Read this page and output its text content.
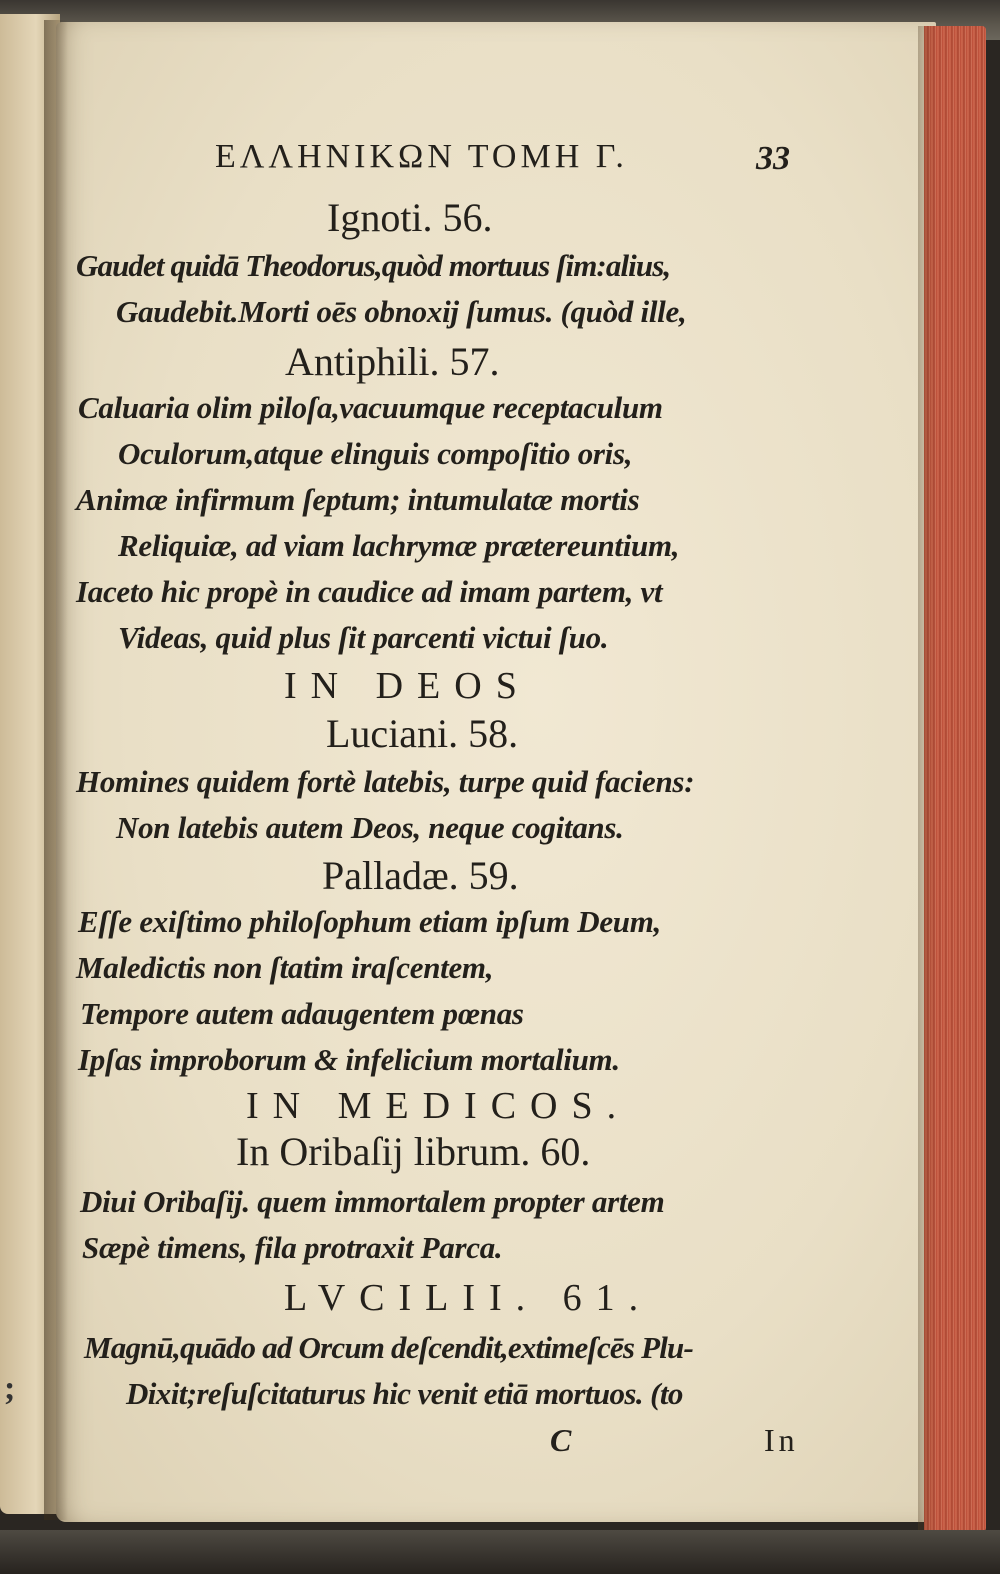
ΕΛΛΗΝΙΚΩΝ ΤΟΜΗ Γ.	33
Ignoti. 56.
Gaudet quidā Theodorus,quòd mortuus ſim:alius,
Gaudebit.Morti oēs obnoxij ſumus. (quòd ille,
Antiphili. 57.
Caluaria olim piloſa,vacuumque receptaculum
Oculorum,atque elinguis compoſitio oris,
Animæ infirmum ſeptum; intumulatæ mortis
Reliquiæ, ad viam lachrymæ prætereuntium,
Iaceto hic propè in caudice ad imam partem, vt
Videas, quid plus ſit parcenti victui ſuo.
IN DEOS
Luciani. 58.
Homines quidem fortè latebis, turpe quid faciens:
Non latebis autem Deos, neque cogitans.
Palladæ. 59.
Eſſe exiſtimo philoſophum etiam ipſum Deum,
Maledictis non ſtatim iraſcentem,
Tempore autem adaugentem pœnas
Ipſas improborum & infelicium mortalium.
IN MEDICOS.
In Oribaſij librum. 60.
Diui Oribaſij. quem immortalem propter artem
Sæpè timens, fila protraxit Parca.
LVCILII. 61.
Magnū,quādo ad Orcum deſcendit,extimeſcēs Plu-
Dixit;reſuſcitaturus hic venit etiā mortuos. (to
C	In
;
